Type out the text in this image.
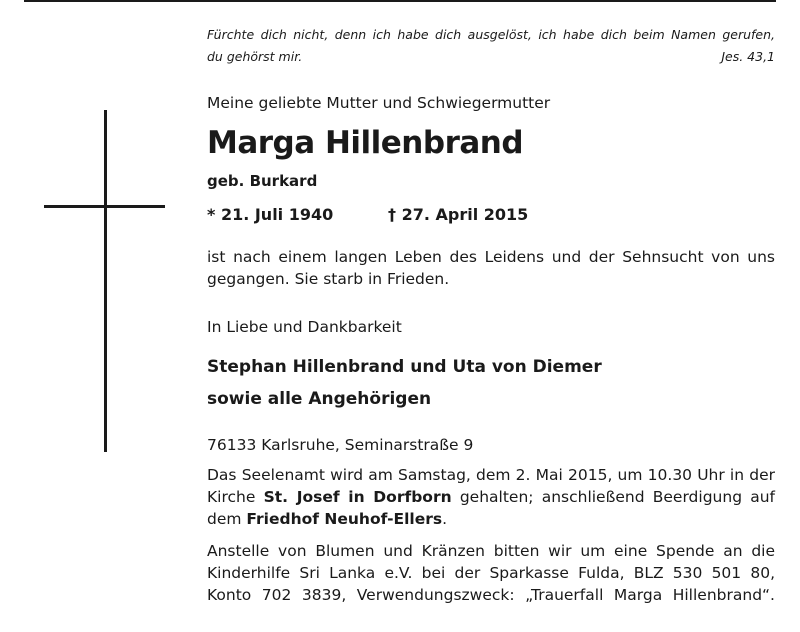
Fürchte dich nicht, denn ich habe dich ausgelöst, ich habe dich beim Namen gerufen,
du gehörst mir.	Jes. 43,1
Meine geliebte Mutter und Schwiegermutter
Marga Hillenbrand
geb. Burkard
* 21. Juli 1940	† 27. April 2015
ist nach einem langen Leben des Leidens und der Sehnsucht von uns gegangen. Sie starb in Frieden.
In Liebe und Dankbarkeit
Stephan Hillenbrand und Uta von Diemer
sowie alle Angehörigen
76133 Karlsruhe, Seminarstraße 9
Das Seelenamt wird am Samstag, dem 2. Mai 2015, um 10.30 Uhr in der Kirche St. Josef in Dorfborn gehalten; anschließend Beerdigung auf dem Friedhof Neuhof-Ellers.
Anstelle von Blumen und Kränzen bitten wir um eine Spende an die Kinderhilfe Sri Lanka e.V. bei der Sparkasse Fulda, BLZ 530 501 80, Konto 702 3839, Verwendungszweck: „Trauerfall Marga Hillenbrand“.
